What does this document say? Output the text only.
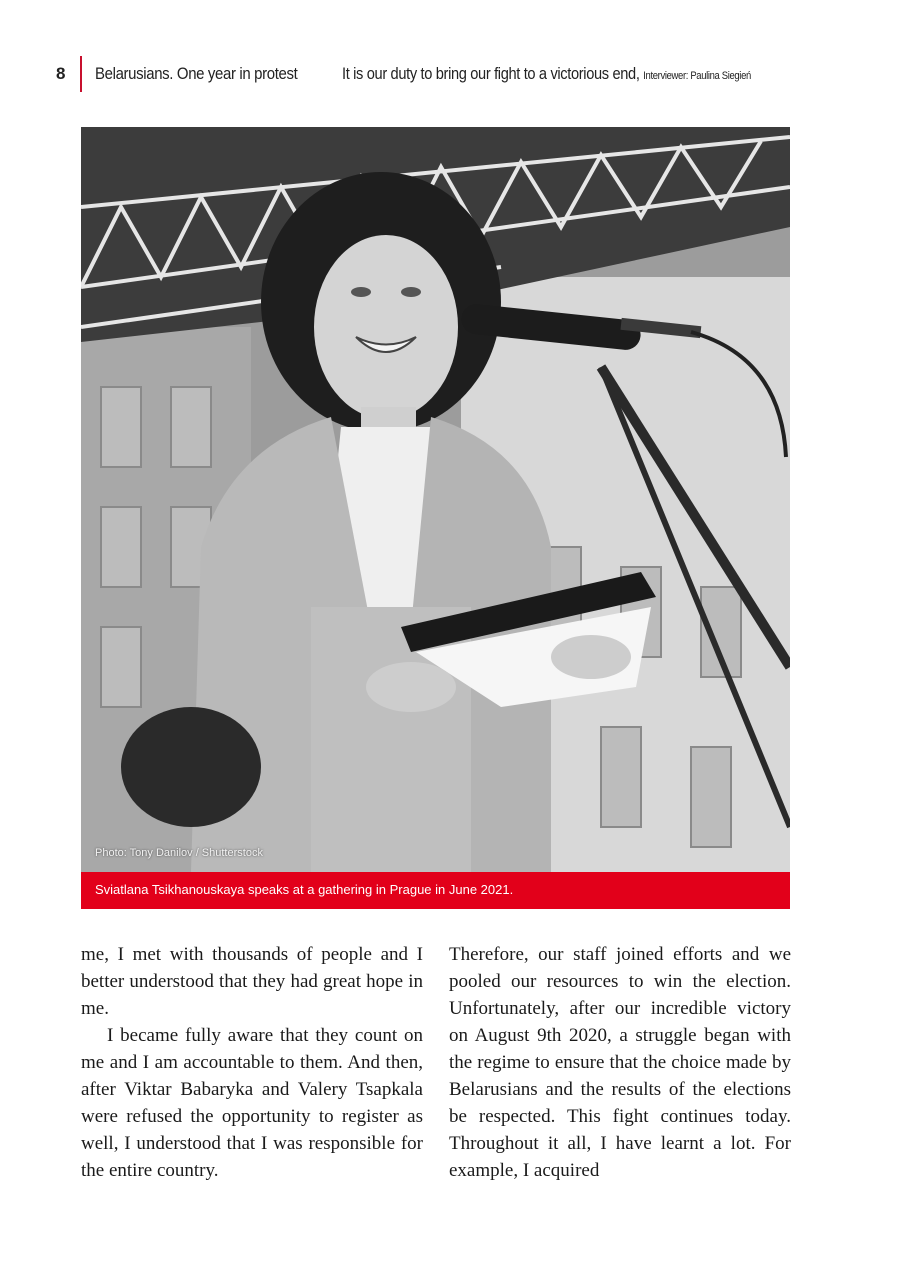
8 Belarusians. One year in protest	It is our duty to bring our fight to a victorious end, Interviewer: Paulina Siegień
Photo: Tony Danilov / Shutterstock
Sviatlana Tsikhanouskaya speaks at a gathering in Prague in June 2021.

me, I met with thousands of people and I better understood that they had great hope in me.

I became fully aware that they count on me and I am accountable to them. And then, after Viktar Babaryka and Valery Tsapkala were refused the opportunity to register as well, I understood that I was responsible for the entire country.

Therefore, our staff joined efforts and we pooled our resources to win the election. Unfortunately, after our incredible victory on August 9th 2020, a struggle began with the regime to ensure that the choice made by Belarusians and the results of the elections be respected. This fight continues today. Throughout it all, I have learnt a lot. For example, I acquired
